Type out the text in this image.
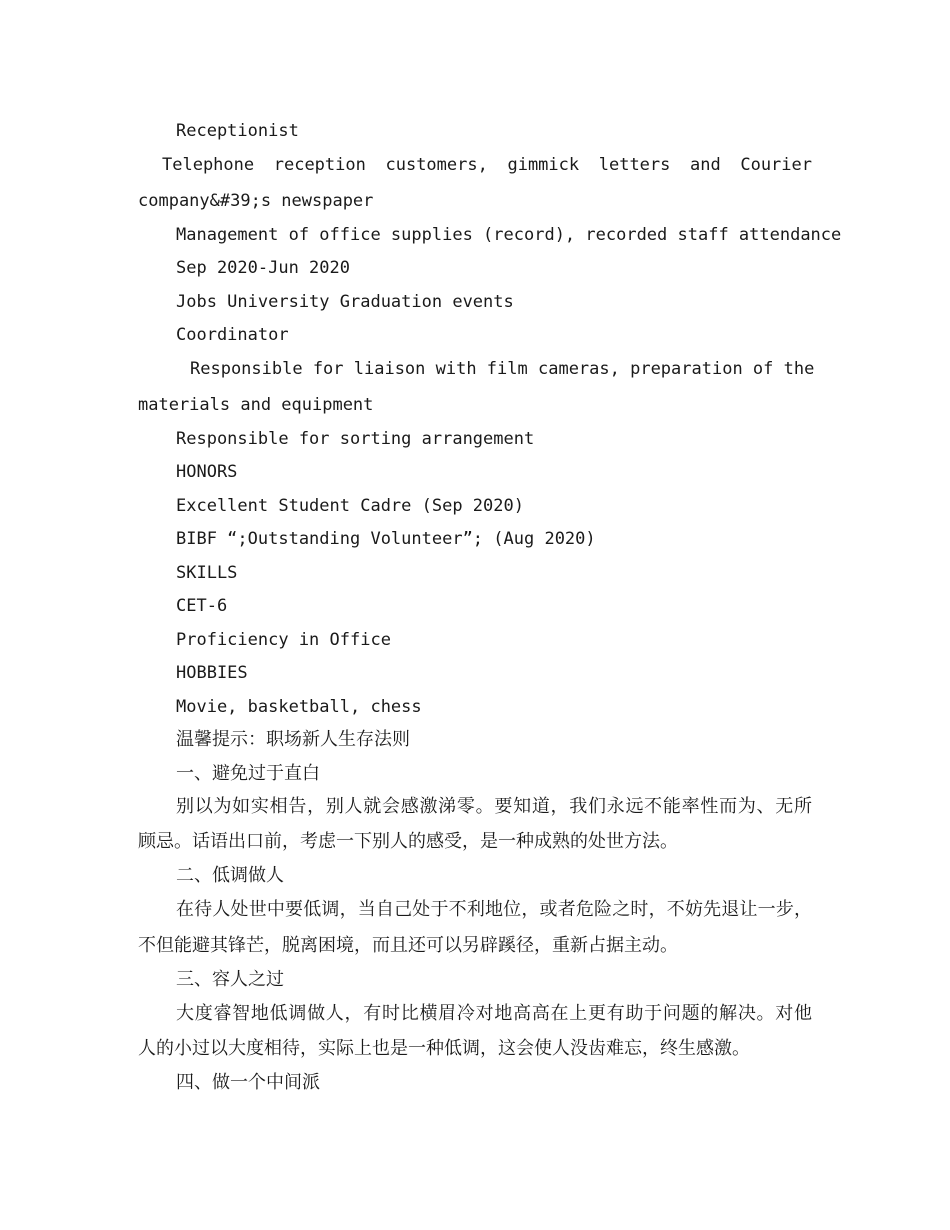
Receptionist
Telephone reception customers, gimmick letters and Courier
company&#39;s newspaper
Management of office supplies (record), recorded staff attendance
Sep 2020-Jun 2020
Jobs University Graduation events
Coordinator
Responsible for liaison with film cameras, preparation of the
materials and equipment
Responsible for sorting arrangement
HONORS
Excellent Student Cadre (Sep 2020)
BIBF “;Outstanding Volunteer”; (Aug 2020)
SKILLS
CET-6
Proficiency in Office
HOBBIES
Movie, basketball, chess
温馨提示：职场新人生存法则
一、避免过于直白
别以为如实相告，别人就会感激涕零。要知道，我们永远不能率性而为、无所
顾忌。话语出口前，考虑一下别人的感受，是一种成熟的处世方法。
二、低调做人
在待人处世中要低调，当自己处于不利地位，或者危险之时，不妨先退让一步，
不但能避其锋芒，脱离困境，而且还可以另辟蹊径，重新占据主动。
三、容人之过
大度睿智地低调做人，有时比横眉冷对地高高在上更有助于问题的解决。对他
人的小过以大度相待，实际上也是一种低调，这会使人没齿难忘，终生感激。
四、做一个中间派
